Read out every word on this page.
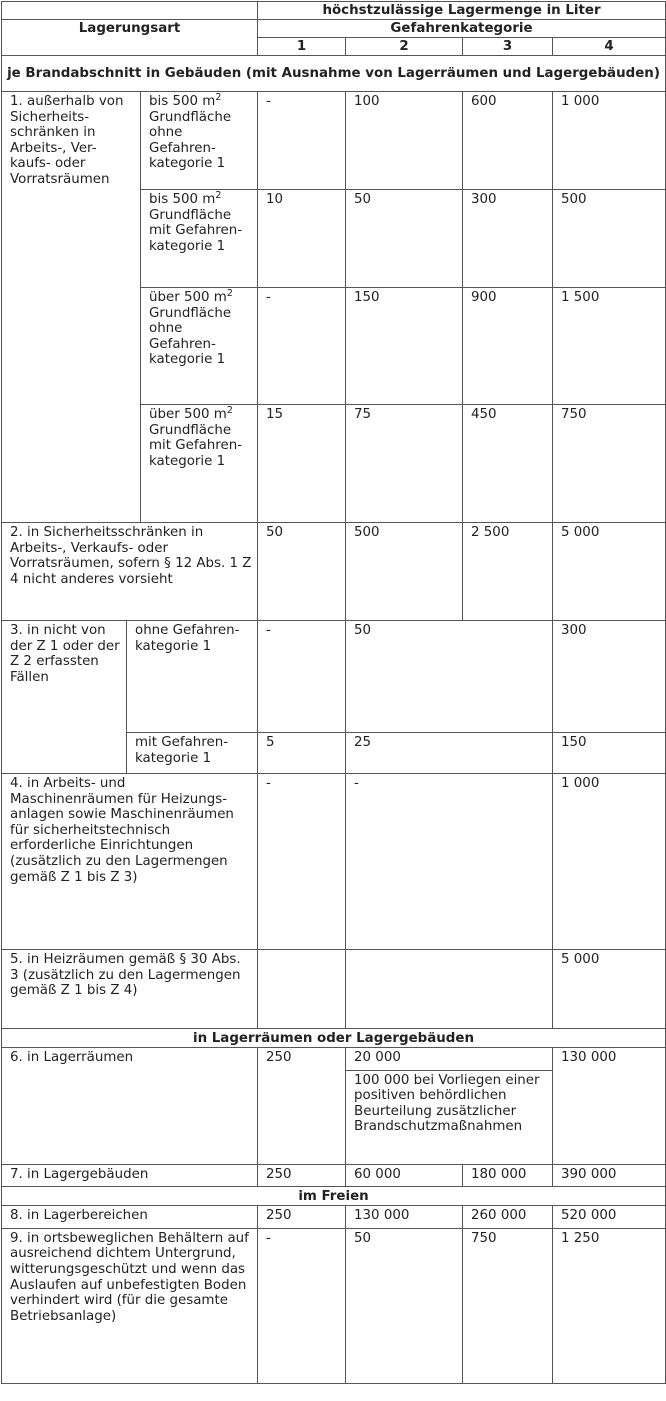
			höchstzulässige Lagermenge in Liter			
Lagerungsart			Gefahrenkategorie			
			1	2	3	4
je Brandabschnitt in Gebäuden (mit Ausnahme von Lagerräumen und Lagergebäuden)						
1. außerhalb von Sicherheits-schränken in Arbeits-, Ver-kaufs- oder Vorratsräumen		bis 500 $m^2$ Grundfläche ohne Gefahren-kategorie 1	-	100	600	1 000
		bis 500 $m^2$ Grundfläche mit Gefahren-kategorie 1	10	50	300	500
		über 500 $m^2$ Grundfläche ohne Gefahren-kategorie 1	-	150	900	1 500
		über 500 $m^2$ Grundfläche mit Gefahren-kategorie 1	15	75	450	750
2. in Sicherheitsschränken in Arbeits-, Verkaufs- oder Vorratsräumen, sofern § 12 Abs. 1 Z 4 nicht anderes vorsieht			50	500	2 500	5 000
3. in nicht von der Z 1 oder der Z 2 erfassten Fällen	ohne Gefahren-kategorie 1		-	50		300
	mit Gefahren-kategorie 1		5	25		150
4. in Arbeits- und Maschinenräumen für Heizungs-anlagen sowie Maschinenräumen für sicherheitstechnisch erforderliche Einrichtungen (zusätzlich zu den Lagermengen gemäß Z 1 bis Z 3)			-	-		1 000
5. in Heizräumen gemäß § 30 Abs. 3 (zusätzlich zu den Lagermengen gemäß Z 1 bis Z 4)						5 000
in Lagerräumen oder Lagergebäuden						
6. in Lagerräumen			250	20 000		130 000
				100 000 bei Vorliegen einer positiven behördlichen Beurteilung zusätzlicher Brandschutzmaßnahmen		
7. in Lagergebäuden			250	60 000	180 000	390 000
im Freien						
8. in Lagerbereichen			250	130 000	260 000	520 000
9. in ortsbeweglichen Behältern auf ausreichend dichtem Untergrund, witterungsgeschützt und wenn das Auslaufen auf unbefestigten Boden verhindert wird (für die gesamte Betriebsanlage)			-	50	750	1 250
